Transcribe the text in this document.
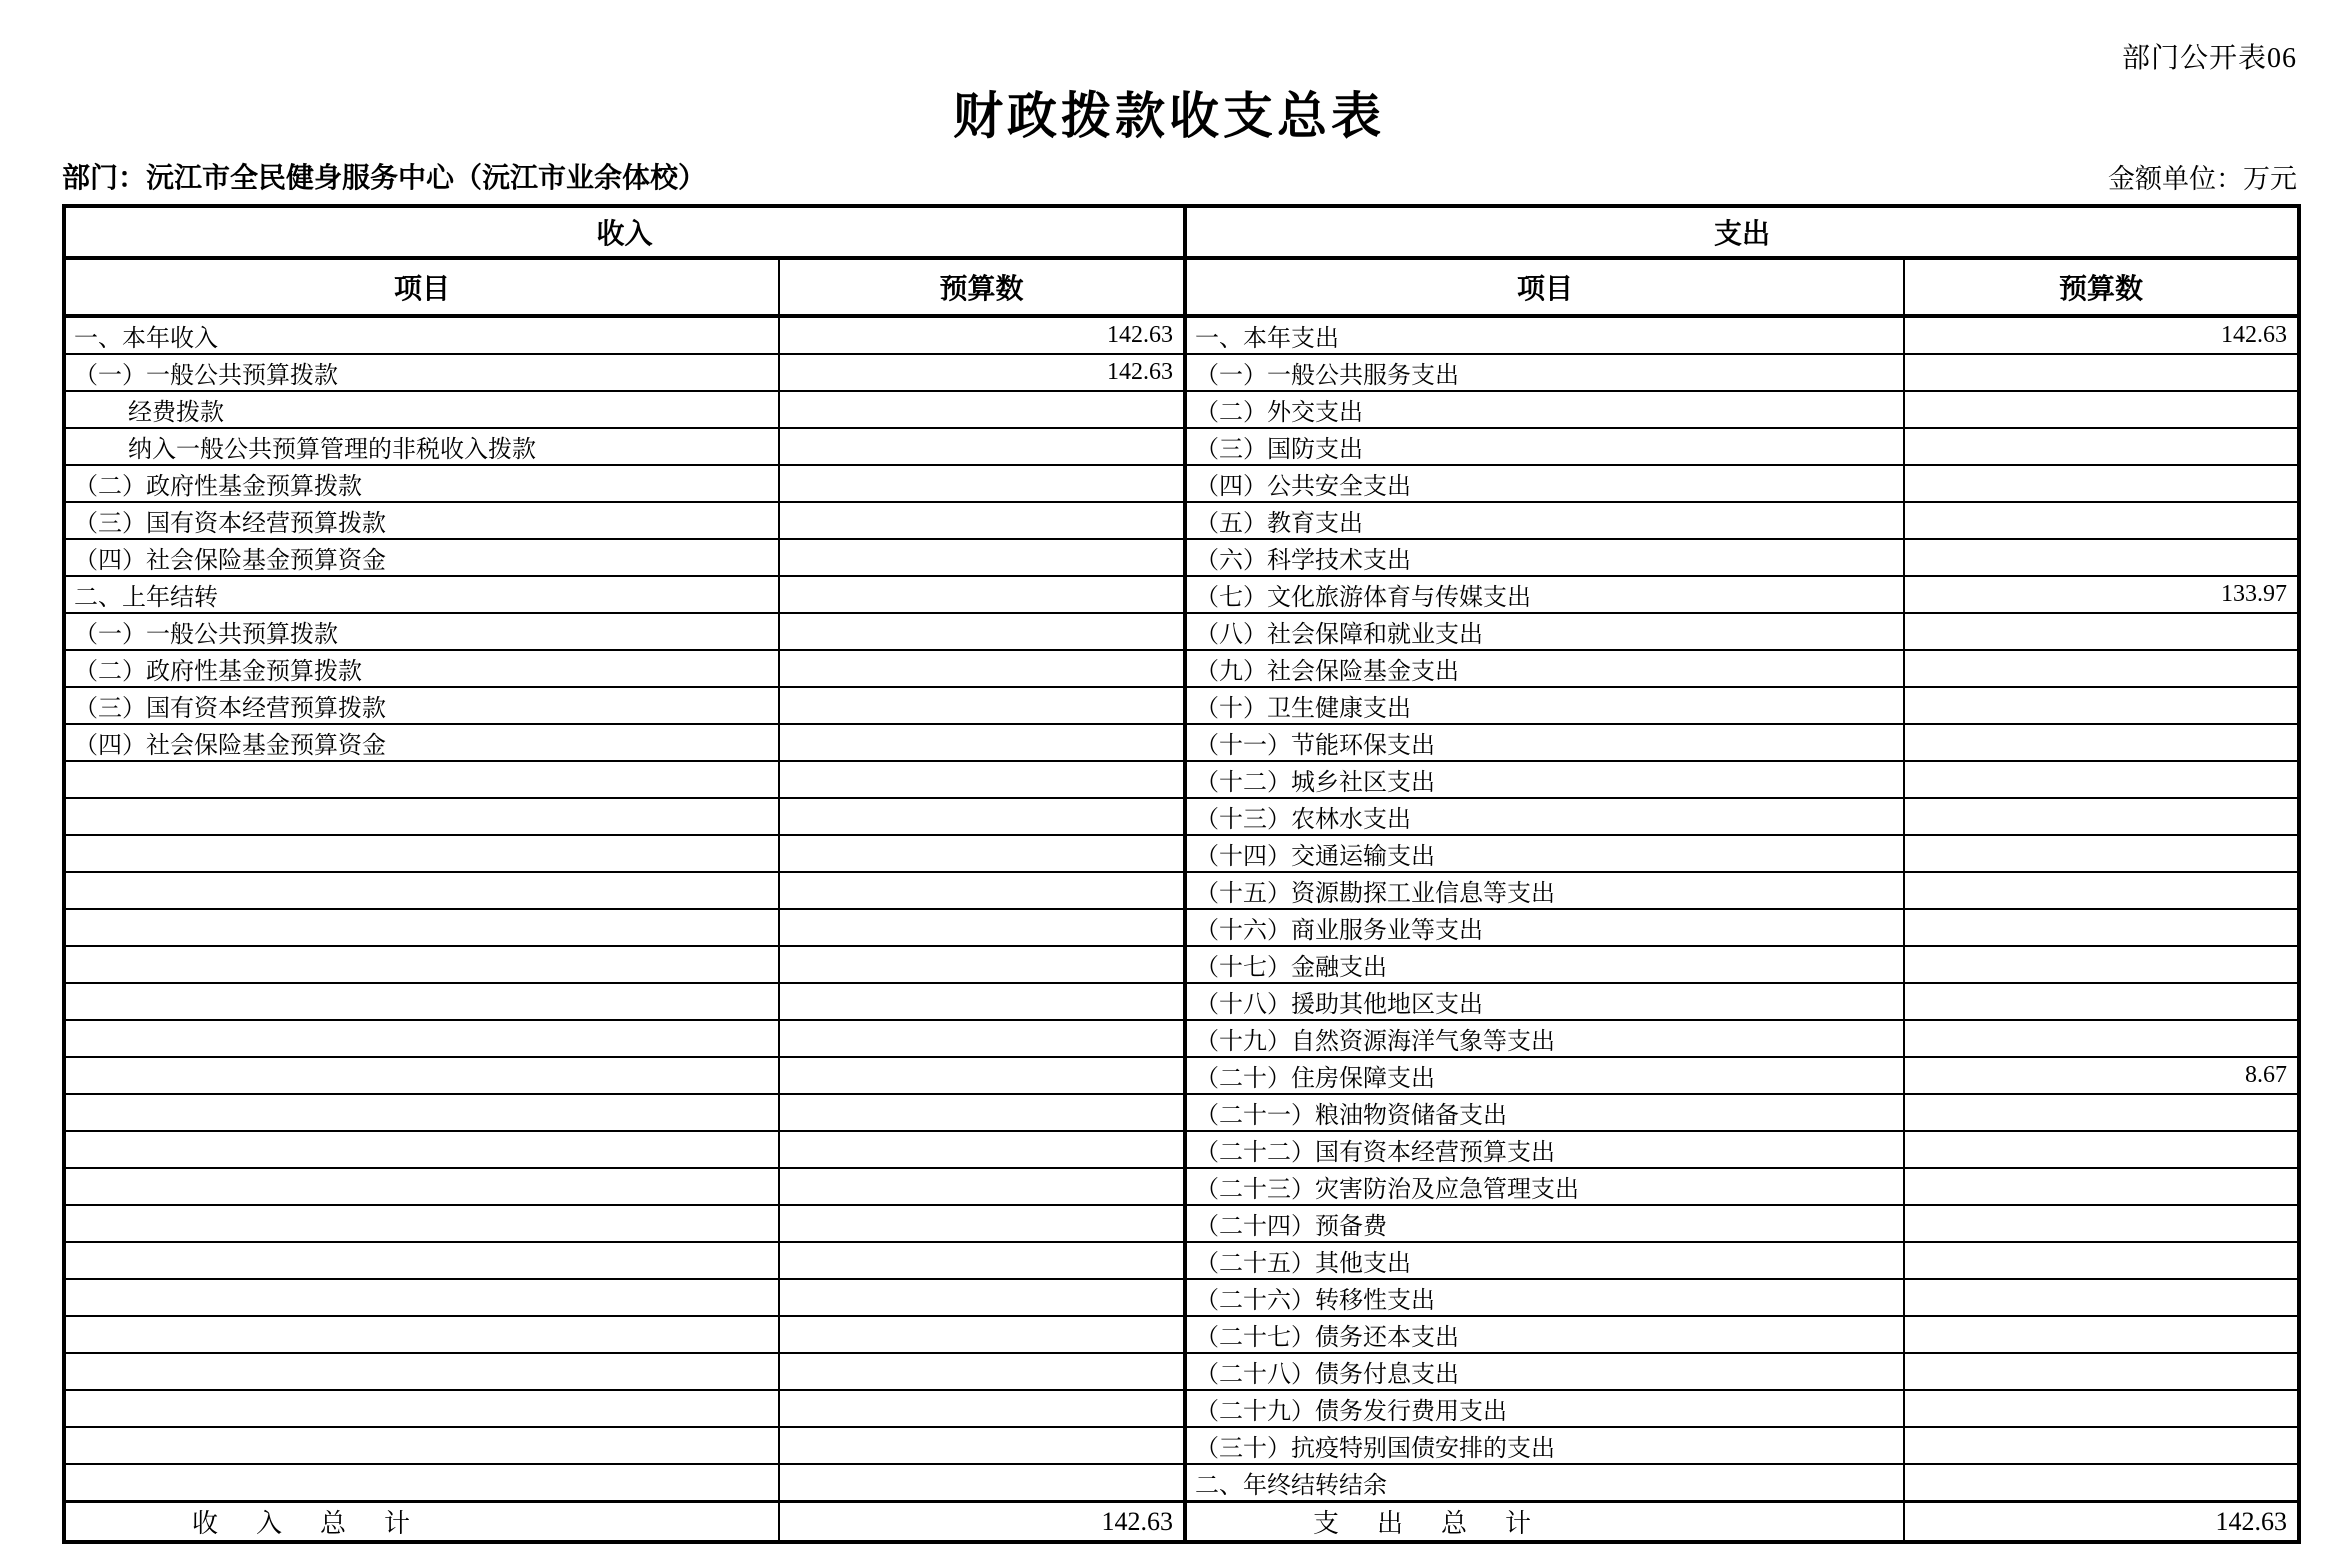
部门公开表06
财政拨款收支总表
部门：沅江市全民健身服务中心（沅江市业余体校）	金额单位：万元
收入		支出	
项目	预算数	项目	预算数
一、本年收入	142.63	一、本年支出	142.63
（一）一般公共预算拨款	142.63	（一）一般公共服务支出	
经费拨款		（二）外交支出	
纳入一般公共预算管理的非税收入拨款		（三）国防支出	
（二）政府性基金预算拨款		（四）公共安全支出	
（三）国有资本经营预算拨款		（五）教育支出	
（四）社会保险基金预算资金		（六）科学技术支出	
二、上年结转		（七）文化旅游体育与传媒支出	133.97
（一）一般公共预算拨款		（八）社会保障和就业支出	
（二）政府性基金预算拨款		（九）社会保险基金支出	
（三）国有资本经营预算拨款		（十）卫生健康支出	
（四）社会保险基金预算资金		（十一）节能环保支出	
		（十二）城乡社区支出	
		（十三）农林水支出	
		（十四）交通运输支出	
		（十五）资源勘探工业信息等支出	
		（十六）商业服务业等支出	
		（十七）金融支出	
		（十八）援助其他地区支出	
		（十九）自然资源海洋气象等支出	
		（二十）住房保障支出	8.67
		（二十一）粮油物资储备支出	
		（二十二）国有资本经营预算支出	
		（二十三）灾害防治及应急管理支出	
		（二十四）预备费	
		（二十五）其他支出	
		（二十六）转移性支出	
		（二十七）债务还本支出	
		（二十八）债务付息支出	
		（二十九）债务发行费用支出	
		（三十）抗疫特别国债安排的支出	
		二、年终结转结余	
收　入　总　计	142.63	支　出　总　计	142.63
